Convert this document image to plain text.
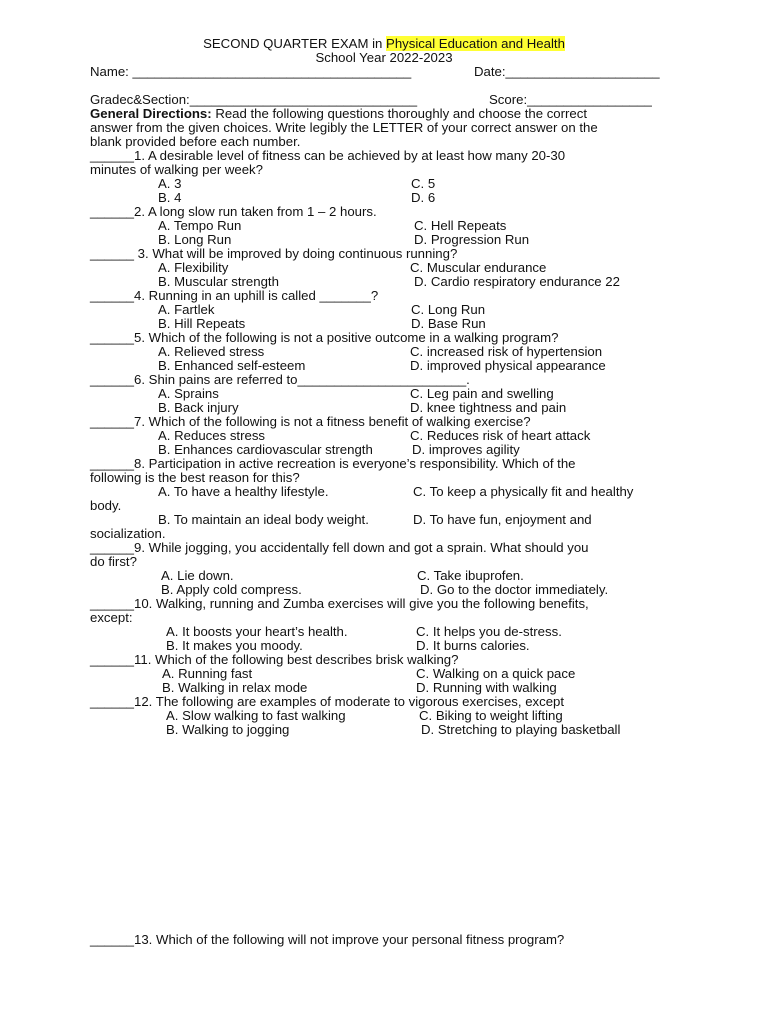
SECOND QUARTER EXAM in Physical Education and Health
School Year 2022-2023
Name: ______________________________________	Date:_____________________
Gradec&Section:_______________________________	Score:_________________
General Directions: Read the following questions thoroughly and choose the correct
answer from the given choices. Write legibly the LETTER of your correct answer on the
blank provided before each number.
______1. A desirable level of fitness can be achieved by at least how many 20-30
minutes of walking per week?
A. 3	C. 5
B. 4	D. 6
______2. A long slow run taken from 1 – 2 hours.
A. Tempo Run	C. Hell Repeats
B. Long Run	D. Progression Run
______ 3. What will be improved by doing continuous running?
A. Flexibility	C. Muscular endurance
B. Muscular strength	D. Cardio respiratory endurance 22
______4. Running in an uphill is called _______?
A. Fartlek	C. Long Run
B. Hill Repeats	D. Base Run
______5. Which of the following is not a positive outcome in a walking program?
A. Relieved stress	C. increased risk of hypertension
B. Enhanced self-esteem	D. improved physical appearance
______6. Shin pains are referred to_______________________.
A. Sprains	C. Leg pain and swelling
B. Back injury	D. knee tightness and pain
______7. Which of the following is not a fitness benefit of walking exercise?
A. Reduces stress	C. Reduces risk of heart attack
B. Enhances cardiovascular strength	D. improves agility
______8. Participation in active recreation is everyone’s responsibility. Which of the
following is the best reason for this?
A. To have a healthy lifestyle.	C. To keep a physically fit and healthy
body.
B. To maintain an ideal body weight.	D. To have fun, enjoyment and
socialization.
______9. While jogging, you accidentally fell down and got a sprain. What should you
do first?
A. Lie down.	C. Take ibuprofen.
B. Apply cold compress.	D. Go to the doctor immediately.
______10. Walking, running and Zumba exercises will give you the following benefits,
except:
A. It boosts your heart’s health.	C. It helps you de-stress.
B. It makes you moody.	D. It burns calories.
______11. Which of the following best describes brisk walking?
A. Running fast	C. Walking on a quick pace
B. Walking in relax mode	D. Running with walking
______12. The following are examples of moderate to vigorous exercises, except
A. Slow walking to fast walking	C. Biking to weight lifting
B. Walking to jogging	D. Stretching to playing basketball
______13. Which of the following will not improve your personal fitness program?
